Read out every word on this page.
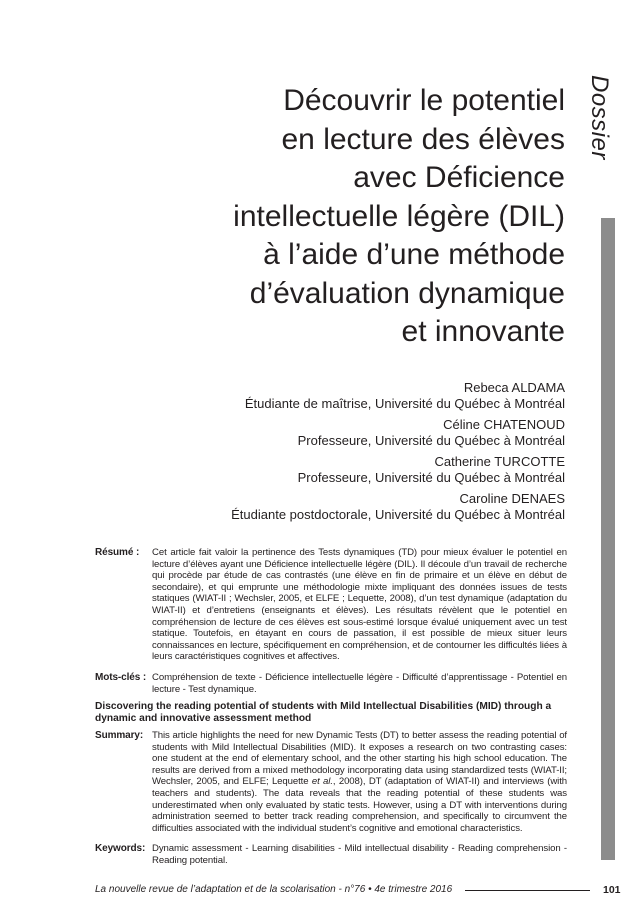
Dossier
Découvrir le potentiel
en lecture des élèves
avec Déficience
intellectuelle légère (DIL)
à l’aide d’une méthode
d’évaluation dynamique
et innovante
Rebeca ALDAMA
Étudiante de maîtrise, Université du Québec à Montréal
Céline CHATENOUD
Professeure, Université du Québec à Montréal
Catherine TURCOTTE
Professeure, Université du Québec à Montréal
Caroline DENAES
Étudiante postdoctorale, Université du Québec à Montréal
Résumé : Cet article fait valoir la pertinence des Tests dynamiques (TD) pour mieux évaluer le potentiel en lecture d’élèves ayant une Déficience intellectuelle légère (DIL). Il découle d’un travail de recherche qui procède par étude de cas contrastés (une élève en fin de primaire et un élève en début de secondaire), et qui emprunte une méthodologie mixte impliquant des données issues de tests statiques (WIAT-II ; Wechsler, 2005, et ELFE ; Lequette, 2008), d’un test dynamique (adaptation du WIAT-II) et d’entretiens (enseignants et élèves). Les résultats révèlent que le potentiel en compréhension de lecture de ces élèves est sous-estimé lorsque évalué uniquement avec un test statique. Toutefois, en étayant en cours de passation, il est possible de mieux situer leurs connaissances en lecture, spécifiquement en compréhension, et de contourner les difficultés liées à leurs caractéristiques cognitives et affectives.
Mots-clés : Compréhension de texte - Déficience intellectuelle légère - Difficulté d’apprentissage - Potentiel en lecture - Test dynamique.
Discovering the reading potential of students with Mild Intellectual Disabilities (MID) through a dynamic and innovative assessment method
Summary: This article highlights the need for new Dynamic Tests (DT) to better assess the reading potential of students with Mild Intellectual Disabilities (MID). It exposes a research on two contrasting cases: one student at the end of elementary school, and the other starting his high school education. The results are derived from a mixed methodology incorporating data using standardized tests (WIAT-II; Wechsler, 2005, and ELFE; Lequette et al., 2008), DT (adaptation of WIAT-II) and interviews (with teachers and students). The data reveals that the reading potential of these students was underestimated when only evaluated by static tests. However, using a DT with interventions during administration seemed to better track reading comprehension, and specifically to circumvent the difficulties associated with the individual student’s cognitive and emotional characteristics.
Keywords: Dynamic assessment - Learning disabilities - Mild intellectual disability - Reading comprehension - Reading potential.
La nouvelle revue de l’adaptation et de la scolarisation - n°76 • 4e trimestre 2016	101
